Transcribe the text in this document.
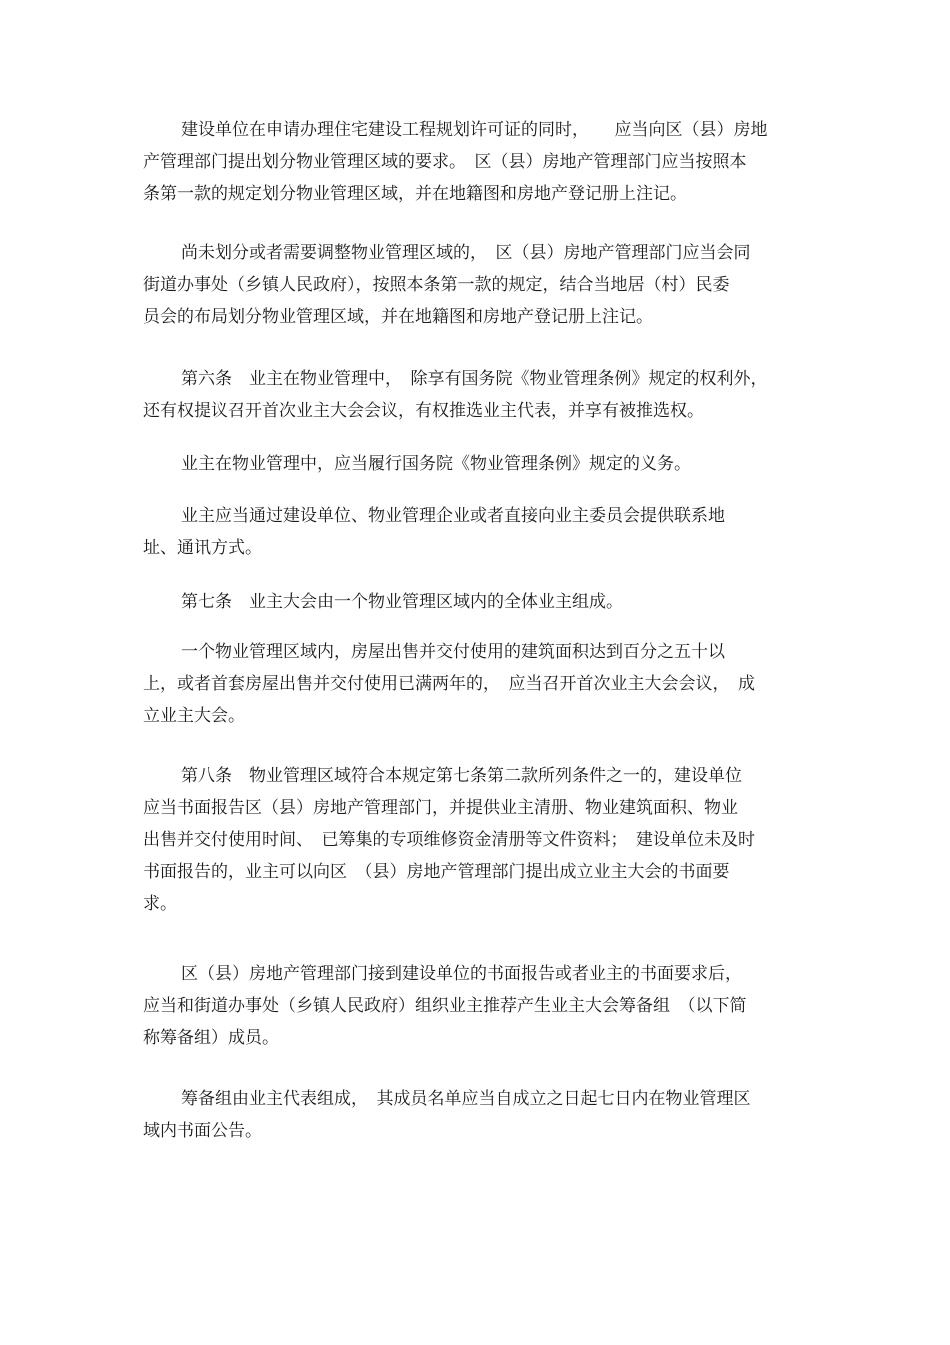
建设单位在申请办理住宅建设工程规划许可证的同时，　　应当向区（县）房地
产管理部门提出划分物业管理区域的要求。　区（县）房地产管理部门应当按照本
条第一款的规定划分物业管理区域，并在地籍图和房地产登记册上注记。
尚未划分或者需要调整物业管理区域的，　区（县）房地产管理部门应当会同
街道办事处（乡镇人民政府），按照本条第一款的规定，结合当地居（村）民委
员会的布局划分物业管理区域，并在地籍图和房地产登记册上注记。
第六条　业主在物业管理中，　除享有国务院《物业管理条例》规定的权利外，
还有权提议召开首次业主大会会议，有权推选业主代表，并享有被推选权。
业主在物业管理中，应当履行国务院《物业管理条例》规定的义务。
业主应当通过建设单位、物业管理企业或者直接向业主委员会提供联系地
址、通讯方式。
第七条　业主大会由一个物业管理区域内的全体业主组成。
一个物业管理区域内，房屋出售并交付使用的建筑面积达到百分之五十以
上，或者首套房屋出售并交付使用已满两年的，　应当召开首次业主大会会议，　成
立业主大会。
第八条　物业管理区域符合本规定第七条第二款所列条件之一的，建设单位
应当书面报告区（县）房地产管理部门，并提供业主清册、物业建筑面积、物业
出售并交付使用时间、　已筹集的专项维修资金清册等文件资料；　建设单位未及时
书面报告的，业主可以向区　（县）房地产管理部门提出成立业主大会的书面要
求。
区（县）房地产管理部门接到建设单位的书面报告或者业主的书面要求后，
应当和街道办事处（乡镇人民政府）组织业主推荐产生业主大会筹备组　（以下简
称筹备组）成员。
筹备组由业主代表组成，　其成员名单应当自成立之日起七日内在物业管理区
域内书面公告。
